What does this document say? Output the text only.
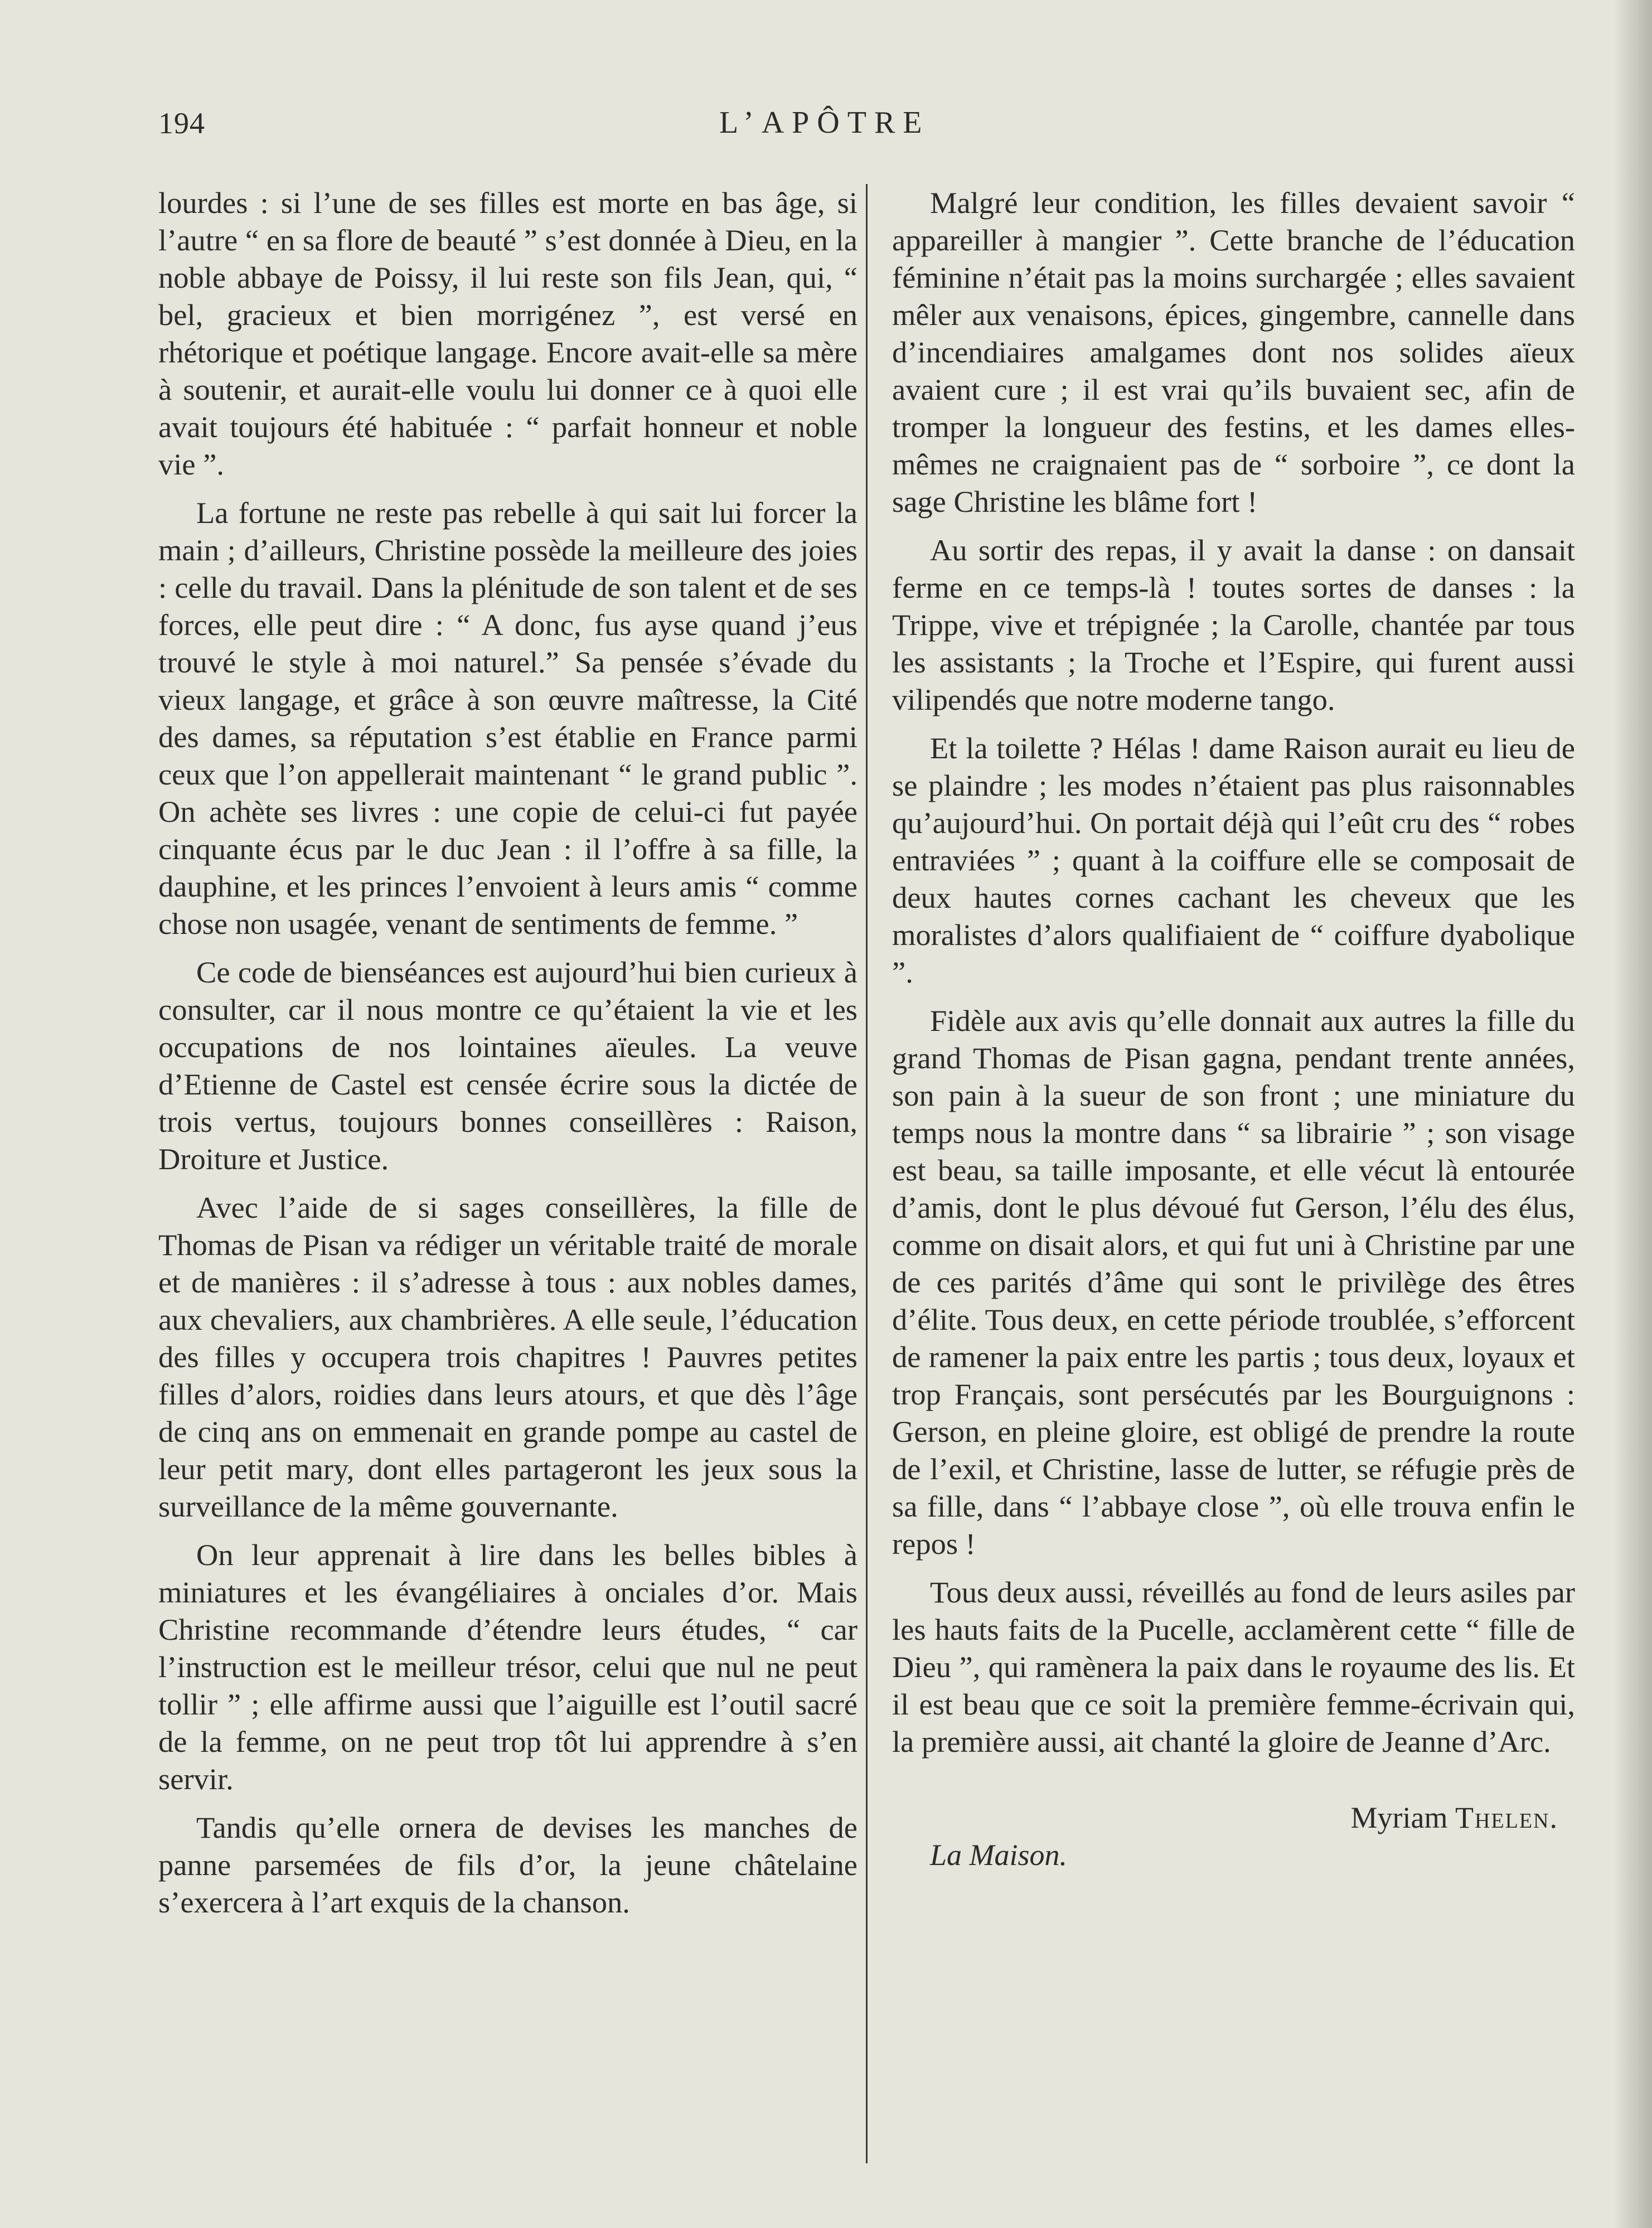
194	L’APÔTRE

lourdes : si l’une de ses filles est morte en bas âge, si l’autre “ en sa flore de beauté ” s’est donnée à Dieu, en la noble abbaye de Poissy, il lui reste son fils Jean, qui, “ bel, gracieux et bien morrigénez ”, est versé en rhétorique et poétique langage. Encore avait-elle sa mère à soutenir, et aurait-elle voulu lui donner ce à quoi elle avait toujours été habituée : “ parfait honneur et noble vie ”.

La fortune ne reste pas rebelle à qui sait lui forcer la main ; d’ailleurs, Christine possède la meilleure des joies : celle du travail. Dans la plénitude de son talent et de ses forces, elle peut dire : “ A donc, fus ayse quand j’eus trouvé le style à moi naturel.” Sa pensée s’évade du vieux langage, et grâce à son œuvre maîtresse, la Cité des dames, sa réputation s’est établie en France parmi ceux que l’on appellerait maintenant “ le grand public ”. On achète ses livres : une copie de celui-ci fut payée cinquante écus par le duc Jean : il l’offre à sa fille, la dauphine, et les princes l’envoient à leurs amis “ comme chose non usagée, venant de sentiments de femme. ”

Ce code de bienséances est aujourd’hui bien curieux à consulter, car il nous montre ce qu’étaient la vie et les occupations de nos lointaines aïeules. La veuve d’Etienne de Castel est censée écrire sous la dictée de trois vertus, toujours bonnes conseillères : Raison, Droiture et Justice.

Avec l’aide de si sages conseillères, la fille de Thomas de Pisan va rédiger un véritable traité de morale et de manières : il s’adresse à tous : aux nobles dames, aux chevaliers, aux chambrières. A elle seule, l’éducation des filles y occupera trois chapitres ! Pauvres petites filles d’alors, roidies dans leurs atours, et que dès l’âge de cinq ans on emmenait en grande pompe au castel de leur petit mary, dont elles partageront les jeux sous la surveillance de la même gouvernante.

On leur apprenait à lire dans les belles bibles à miniatures et les évangéliaires à onciales d’or. Mais Christine recommande d’étendre leurs études, “ car l’instruction est le meilleur trésor, celui que nul ne peut tollir ” ; elle affirme aussi que l’aiguille est l’outil sacré de la femme, on ne peut trop tôt lui apprendre à s’en servir.

Tandis qu’elle ornera de devises les manches de panne parsemées de fils d’or, la jeune châtelaine s’exercera à l’art exquis de la chanson.

Malgré leur condition, les filles devaient savoir “ appareiller à mangier ”. Cette branche de l’éducation féminine n’était pas la moins surchargée ; elles savaient mêler aux venaisons, épices, gingembre, cannelle dans d’incendiaires amalgames dont nos solides aïeux avaient cure ; il est vrai qu’ils buvaient sec, afin de tromper la longueur des festins, et les dames elles-mêmes ne craignaient pas de “ sorboire ”, ce dont la sage Christine les blâme fort !

Au sortir des repas, il y avait la danse : on dansait ferme en ce temps-là ! toutes sortes de danses : la Trippe, vive et trépignée ; la Carolle, chantée par tous les assistants ; la Troche et l’Espire, qui furent aussi vilipendés que notre moderne tango.

Et la toilette ? Hélas ! dame Raison aurait eu lieu de se plaindre ; les modes n’étaient pas plus raisonnables qu’aujourd’hui. On portait déjà qui l’eût cru des “ robes entraviées ” ; quant à la coiffure elle se composait de deux hautes cornes cachant les cheveux que les moralistes d’alors qualifiaient de “ coiffure dyabolique ”.

Fidèle aux avis qu’elle donnait aux autres la fille du grand Thomas de Pisan gagna, pendant trente années, son pain à la sueur de son front ; une miniature du temps nous la montre dans “ sa librairie ” ; son visage est beau, sa taille imposante, et elle vécut là entourée d’amis, dont le plus dévoué fut Gerson, l’élu des élus, comme on disait alors, et qui fut uni à Christine par une de ces parités d’âme qui sont le privilège des êtres d’élite. Tous deux, en cette période troublée, s’efforcent de ramener la paix entre les partis ; tous deux, loyaux et trop Français, sont persécutés par les Bourguignons : Gerson, en pleine gloire, est obligé de prendre la route de l’exil, et Christine, lasse de lutter, se réfugie près de sa fille, dans “ l’abbaye close ”, où elle trouva enfin le repos !

Tous deux aussi, réveillés au fond de leurs asiles par les hauts faits de la Pucelle, acclamèrent cette “ fille de Dieu ”, qui ramènera la paix dans le royaume des lis. Et il est beau que ce soit la première femme-écrivain qui, la première aussi, ait chanté la gloire de Jeanne d’Arc.

Myriam Thelen.

La Maison.
